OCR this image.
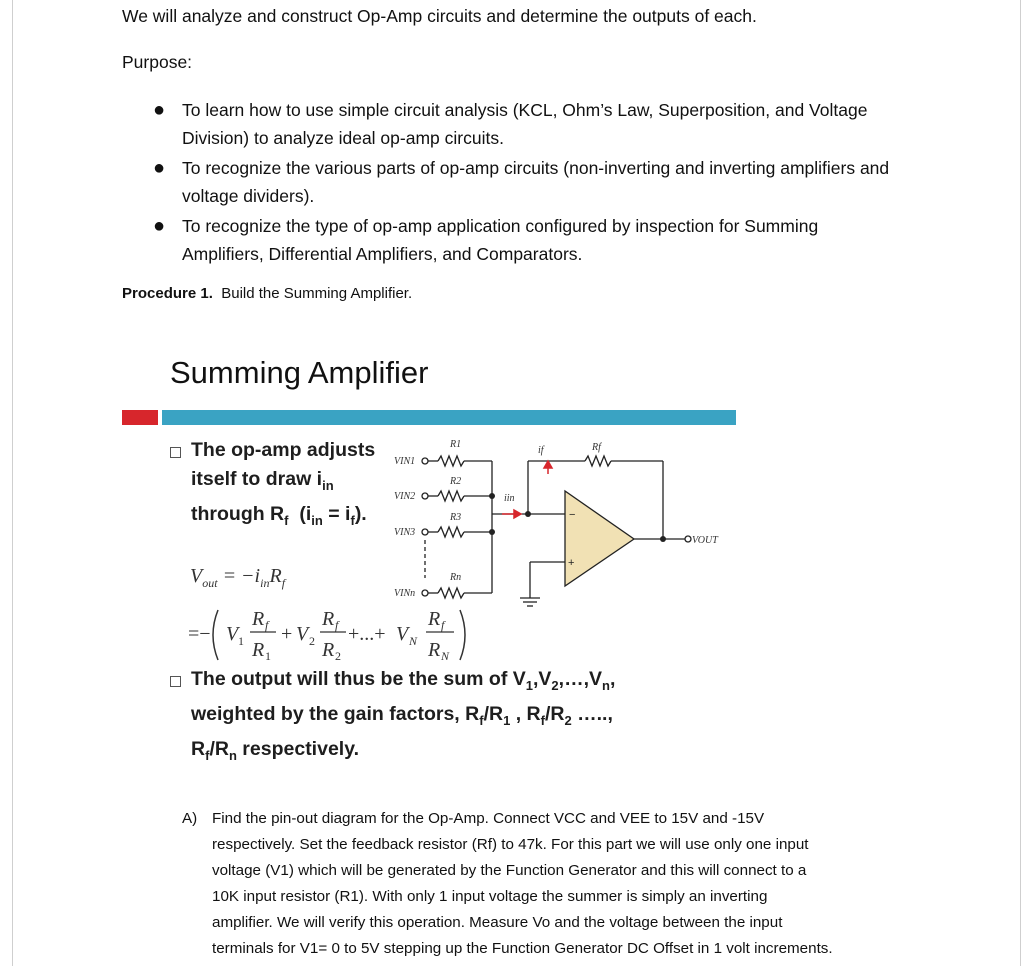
We will analyze and construct Op-Amp circuits and determine the outputs of each.
Purpose:
● To learn how to use simple circuit analysis (KCL, Ohm’s Law, Superposition, and Voltage Division) to analyze ideal op-amp circuits.
● To recognize the various parts of op-amp circuits (non-inverting and inverting amplifiers and voltage dividers).
● To recognize the type of op-amp application configured by inspection for Summing Amplifiers, Differential Amplifiers, and Comparators.
Procedure 1. Build the Summing Amplifier.
Summing Amplifier
The op-amp adjusts
itself to draw $i_{in}$
through $R_f$ $(i_{in} = i_f)$.
$V_{out} = -i_{in}R_f$
=− V 1
R f
R 1
+ V 2
R f
R 2
+...+ V N
R f
R N
The output will thus be the sum of $V_1,V_2,\dots,V_n$,
weighted by the gain factors, $R_f/R_1$ , $R_f/R_2$ …..,
$R_f/R_n$ respectively.
VIN1
VIN2
VIN3
VINn
R1
R2
R3
Rn
Rf
if
iin
VOUT
−
+
A) Find the pin-out diagram for the Op-Amp. Connect VCC and VEE to 15V and -15V
respectively. Set the feedback resistor (Rf) to 47k. For this part we will use only one input
voltage (V1) which will be generated by the Function Generator and this will connect to a
10K input resistor (R1). With only 1 input voltage the summer is simply an inverting
amplifier. We will verify this operation. Measure Vo and the voltage between the input
terminals for V1= 0 to 5V stepping up the Function Generator DC Offset in 1 volt increments.
